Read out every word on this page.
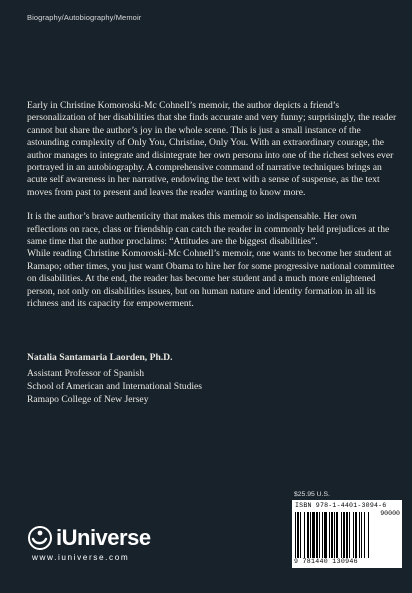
Biography/Autobiography/Memoir

Early in Christine Komoroski-Mc Cohnell’s memoir, the author depicts a friend’s personalization of her disabilities that she finds accurate and very funny; surprisingly, the reader cannot but share the author’s joy in the whole scene. This is just a small instance of the astounding complexity of Only You, Christine, Only You. With an extraordinary courage, the author manages to integrate and disintegrate her own persona into one of the richest selves ever portrayed in an autobiography. A comprehensive command of narrative techniques brings an acute self awareness in her narrative, endowing the text with a sense of suspense, as the text moves from past to present and leaves the reader wanting to know more.

It is the author’s brave authenticity that makes this memoir so indispensable. Her own reflections on race, class or friendship can catch the reader in commonly held prejudices at the same time that the author proclaims: “Attitudes are the biggest disabilities”.

While reading Christine Komoroski-Mc Cohnell’s memoir, one wants to become her student at Ramapo; other times, you just want Obama to hire her for some progressive national committee on disabilities. At the end, the reader has become her student and a much more enlightened person, not only on disabilities issues, but on human nature and identity formation in all its richness and its capacity for empowerment.

Natalia Santamaria Laorden, Ph.D.
Assistant Professor of Spanish
School of American and International Studies
Ramapo College of New Jersey
$25.95 U.S.
ISBN 978-1-4401-3094-6
90000
9 781440 130946
iUniverse
www.iuniverse.com
